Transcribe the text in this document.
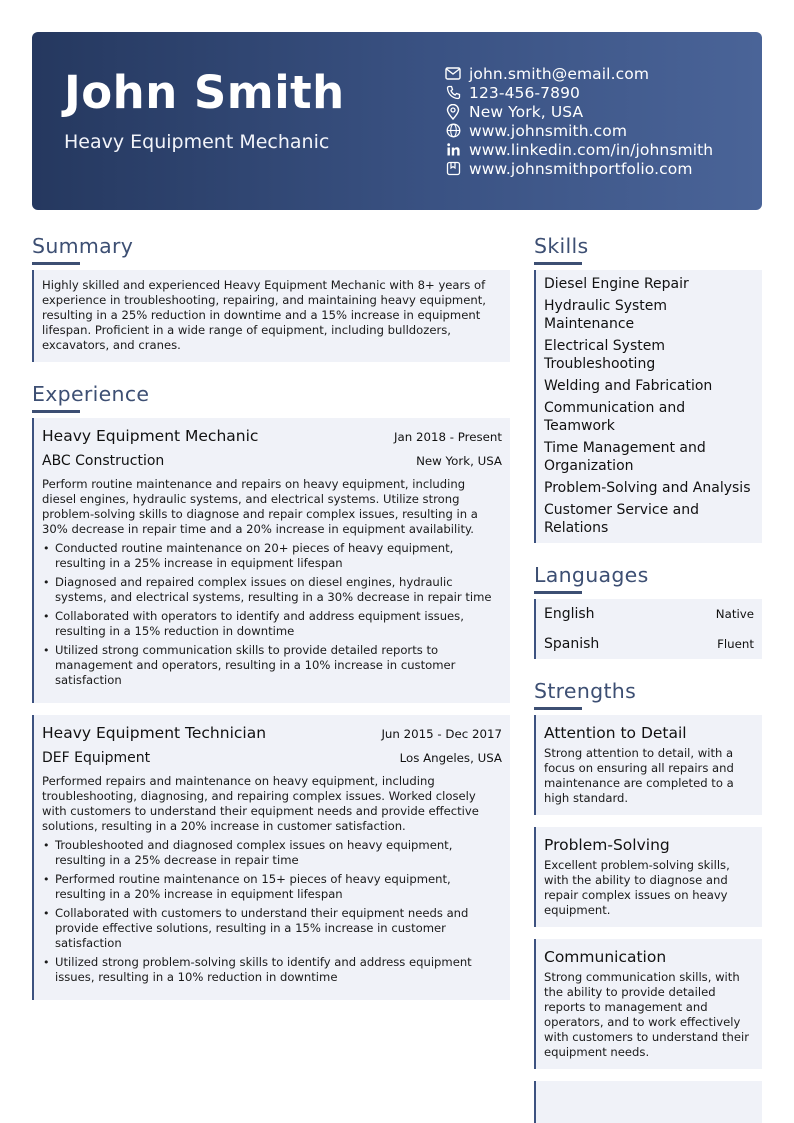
John Smith
Heavy Equipment Mechanic
john.smith@email.com
123-456-7890
New York, USA
www.johnsmith.com
www.linkedin.com/in/johnsmith
www.johnsmithportfolio.com
Summary

Highly skilled and experienced Heavy Equipment Mechanic with 8+ years of experience in troubleshooting, repairing, and maintaining heavy equipment, resulting in a 25% reduction in downtime and a 15% increase in equipment lifespan. Proficient in a wide range of equipment, including bulldozers, excavators, and cranes.

Experience
Heavy Equipment Mechanic	Jan 2018 - Present
ABC Construction	New York, USA

Perform routine maintenance and repairs on heavy equipment, including diesel engines, hydraulic systems, and electrical systems. Utilize strong problem-solving skills to diagnose and repair complex issues, resulting in a 30% decrease in repair time and a 20% increase in equipment availability.

• Conducted routine maintenance on 20+ pieces of heavy equipment, resulting in a 25% increase in equipment lifespan
• Diagnosed and repaired complex issues on diesel engines, hydraulic systems, and electrical systems, resulting in a 30% decrease in repair time
• Collaborated with operators to identify and address equipment issues, resulting in a 15% reduction in downtime
• Utilized strong communication skills to provide detailed reports to management and operators, resulting in a 10% increase in customer satisfaction
Heavy Equipment Technician	Jun 2015 - Dec 2017
DEF Equipment	Los Angeles, USA

Performed repairs and maintenance on heavy equipment, including troubleshooting, diagnosing, and repairing complex issues. Worked closely with customers to understand their equipment needs and provide effective solutions, resulting in a 20% increase in customer satisfaction.

• Troubleshooted and diagnosed complex issues on heavy equipment, resulting in a 25% decrease in repair time
• Performed routine maintenance on 15+ pieces of heavy equipment, resulting in a 20% increase in equipment lifespan
• Collaborated with customers to understand their equipment needs and provide effective solutions, resulting in a 15% increase in customer satisfaction
• Utilized strong problem-solving skills to identify and address equipment issues, resulting in a 10% reduction in downtime
Skills
Diesel Engine Repair
Hydraulic System Maintenance
Electrical System Troubleshooting
Welding and Fabrication
Communication and Teamwork
Time Management and Organization
Problem-Solving and Analysis
Customer Service and Relations
Languages
English	Native
Spanish	Fluent
Strengths
Attention to Detail

Strong attention to detail, with a focus on ensuring all repairs and maintenance are completed to a high standard.

Problem-Solving

Excellent problem-solving skills, with the ability to diagnose and repair complex issues on heavy equipment.

Communication

Strong communication skills, with the ability to provide detailed reports to management and operators, and to work effectively with customers to understand their equipment needs.
